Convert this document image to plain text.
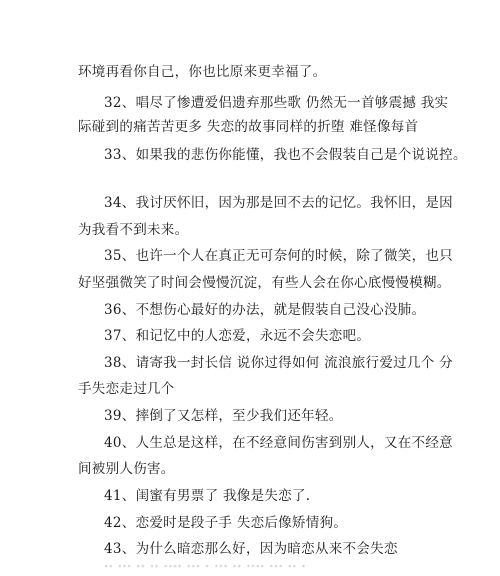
环境再看你自己，你也比原来更幸福了。
32、唱尽了惨遭爱侣遗弃那些歌 仍然无一首够震撼 我实
际碰到的痛苦苦更多 失恋的故事同样的折堕 难怪像每首
33、如果我的悲伤你能懂，我也不会假装自己是个说说控。
34、我讨厌怀旧，因为那是回不去的记忆。我怀旧，是因
为我看不到未来。
35、也许一个人在真正无可奈何的时候，除了微笑，也只
好坚强微笑了时间会慢慢沉淀，有些人会在你心底慢慢模糊。
36、不想伤心最好的办法，就是假装自己没心没肺。
37、和记忆中的人恋爱，永远不会失恋吧。
38、请寄我一封长信 说你过得如何 流浪旅行爱过几个 分
手失恋走过几个
39、摔倒了又怎样，至少我们还年轻。
40、人生总是这样，在不经意间伤害到别人，又在不经意
间被别人伤害。
41、闺蜜有男票了 我像是失恋了.
42、恋爱时是段子手 失恋后像矫情狗。
43、为什么暗恋那么好，因为暗恋从来不会失恋
·· ··· ·· ·· ···· ··· · ··· ·· ···· ··· ·· ·
